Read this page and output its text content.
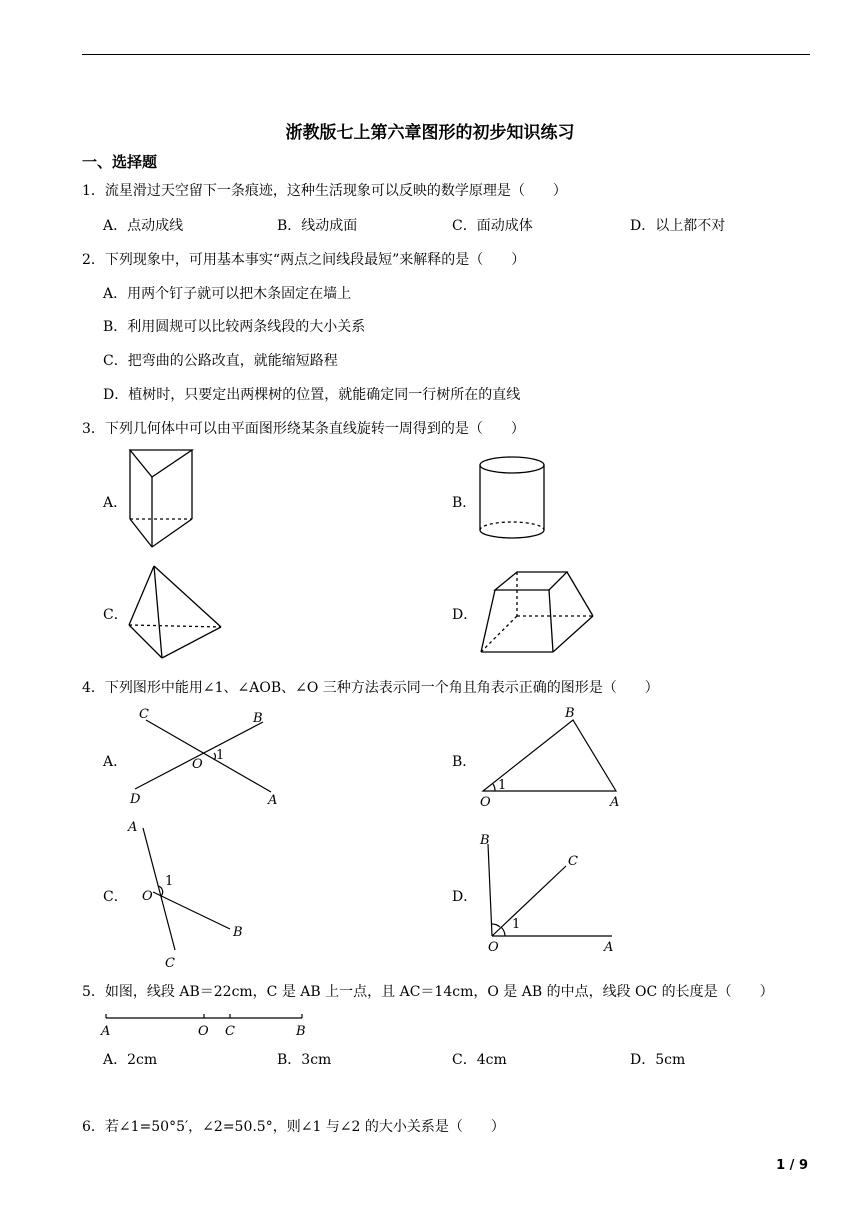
浙教版七上第六章图形的初步知识练习
一、选择题
1．流星滑过天空留下一条痕迹，这种生活现象可以反映的数学原理是（　　）
A．点动成线	B．线动成面	C．面动成体	D．以上都不对
2．下列现象中，可用基本事实“两点之间线段最短”来解释的是（　　）
A．用两个钉子就可以把木条固定在墙上
B．利用圆规可以比较两条线段的大小关系
C．把弯曲的公路改直，就能缩短路程
D．植树时，只要定出两棵树的位置，就能确定同一行树所在的直线
3．下列几何体中可以由平面图形绕某条直线旋转一周得到的是（　　）
A．	B．
C．	D．
4．下列图形中能用∠1、∠AOB、∠O 三种方法表示同一个角且角表示正确的图形是（　　）
A．
C	B
O
1
D	A
B．
B
O
1
A
C．
A
O
1
B
C
D．
B
C
1
O	A
5．如图，线段 AB＝22cm，C 是 AB 上一点，且 AC＝14cm，O 是 AB 的中点，线段 OC 的长度是（　　）
A	O C	B
A．2cm	B．3cm	C．4cm	D．5cm
6．若∠1=50°5′，∠2=50.5°，则∠1 与∠2 的大小关系是（　　）
1 / 9
